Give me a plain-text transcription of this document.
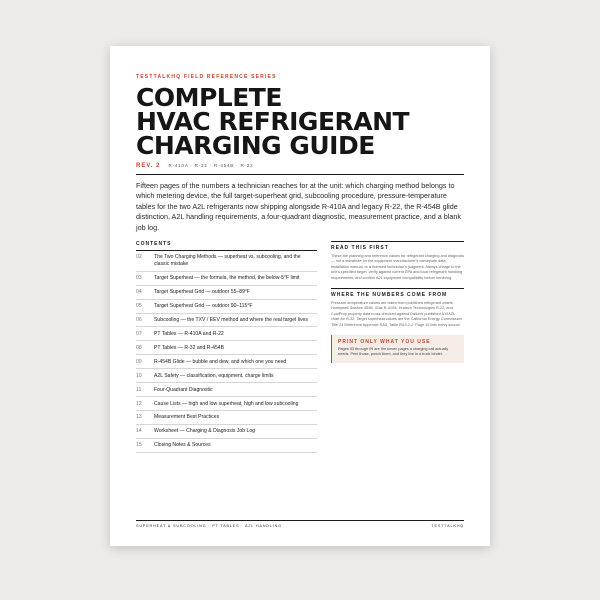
TESTTALKHQ FIELD REFERENCE SERIES
COMPLETE
HVAC REFRIGERANT
CHARGING GUIDE
REV. 2 R-410A · R-32 · R-454B · R-22
Fifteen pages of the numbers a technician reaches for at the unit: which charging method belongs to which metering device, the full target-superheat grid, subcooling procedure, pressure-temperature tables for the two A2L refrigerants now shipping alongside R-410A and legacy R-22, the R-454B glide distinction, A2L handling requirements, a four-quadrant diagnostic, measurement practice, and a blank job log.
CONTENTS
02	The Two Charging Methods — superheat vs. subcooling, and the classic mistake
03	Target Superheat — the formula, the method, the below-5°F limit
04	Target Superheat Grid — outdoor 55–89°F
05	Target Superheat Grid — outdoor 90–115°F
06	Subcooling — the TXV / EEV method and where the real target lives
07	PT Tables — R-410A and R-22
08	PT Tables — R-32 and R-454B
09	R-454B Glide — bubble and dew, and which one you need
10	A2L Safety — classification, equipment, charge limits
11	Four-Quadrant Diagnostic
12	Cause Lists — high and low superheat, high and low subcooling
13	Measurement Best Practices
14	Worksheet — Charging & Diagnosis Job Log
15	Closing Notes & Sources
READ THIS FIRST
These are planning and reference values for refrigerant charging and diagnosis — not a substitute for the equipment manufacturer's nameplate data, installation manual, or a licensed technician's judgment. Always charge to the unit's specified target, verify against current EPA and local refrigerant handling requirements, and confirm A2L equipment compatibility before servicing.
WHERE THE NUMBERS COME FROM
Pressure-temperature values are taken from published refrigerant charts: Honeywell Solstice 454B, iGas R-410A, Hudson Technologies R-22, and CoolProp property data cross-checked against Daikin's published A10AZL chart for R-32. Target superheat values are the California Energy Commission Title 24 Reference Appendix RA3, Table RA3.2-2. Page 15 lists every source.
PRINT ONLY WHAT YOU USE
Pages 03 through 09 are the seven pages a charging call actually needs. Print those, punch them, and they live in a truck binder.
SUPERHEAT & SUBCOOLING · PT TABLES · A2L HANDLING	TESTTALKHQ
